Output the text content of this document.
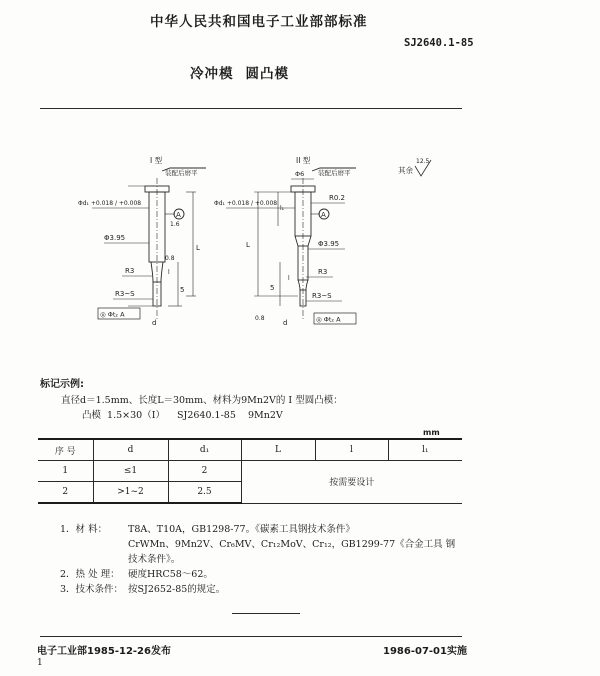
中华人民共和国电子工业部部标准
SJ2640.1-85
冷冲模 圆凸模
I 型
装配后磨平
L
5
l
Φd₁ +0.018 / +0.008
Φ3.95
R3
R3~S
d
1.6
0.8
A
◎ Φt₂ A
II 型
装配后磨平
Φ6
L
l₁
5
l
Φd₁ +0.018 / +0.008
R0.2
Φ3.95
R3
R3~S
d
A
◎ Φt₂ A
0.8
其余
12.5
标记示例:
直径d＝1.5mm、长度L＝30mm、材料为9Mn2V的 I 型圆凸模：
凸模  1.5×30（I）    SJ2640.1-85    9Mn2V
mm
序 号	d	d₁	L	l	l₁
1	≤1	2	按需要设计		
2	>1~2	2.5			
1．材 料：	T8A、T10A，GB1298-77。《碳素工具钢技术条件》
CrWMn、9Mn2V、Cr₆MV、Cr₁₂MoV、Cr₁₂，GB1299-77《合金工具 钢技术条件》。
2．热 处 理： 硬度HRC58～62。
3．技术条件： 按SJ2652-85的规定。
电子工业部1985-12-26发布	1986-07-01实施
1
